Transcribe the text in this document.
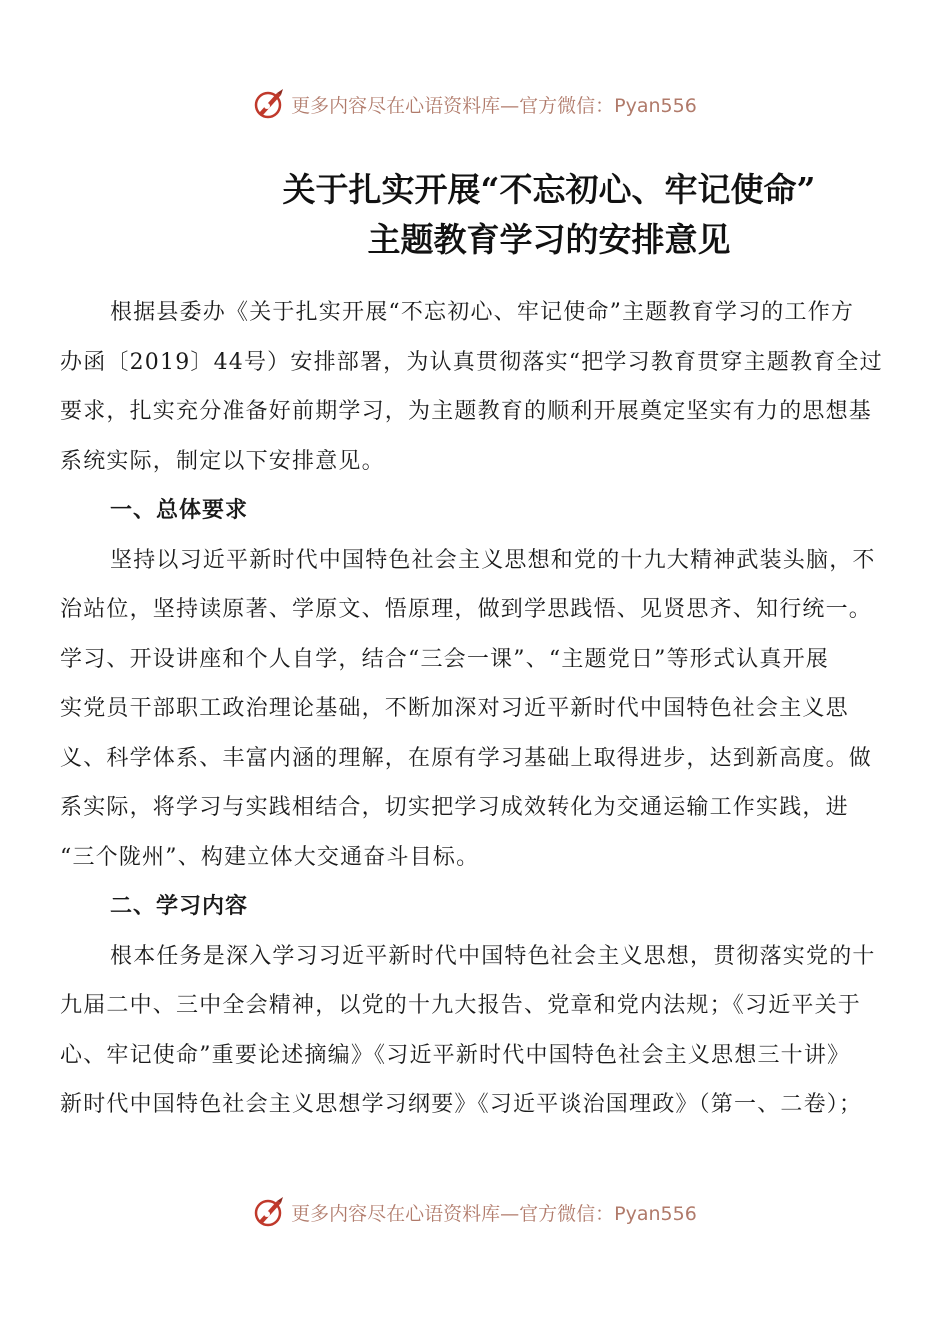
更多内容尽在心语资料库—官方微信：Pyan556
关于扎实开展“不忘初心、牢记使命”
主题教育学习的安排意见
根据县委办《关于扎实开展“不忘初心、牢记使命”主题教育学习的工作方
办函〔2019〕44号）安排部署，为认真贯彻落实“把学习教育贯穿主题教育全过
要求，扎实充分准备好前期学习，为主题教育的顺利开展奠定坚实有力的思想基
系统实际，制定以下安排意见。
一、总体要求
坚持以习近平新时代中国特色社会主义思想和党的十九大精神武装头脑，不
治站位，坚持读原著、学原文、悟原理，做到学思践悟、见贤思齐、知行统一。
学习、开设讲座和个人自学，结合“三会一课”、“主题党日”等形式认真开展
实党员干部职工政治理论基础，不断加深对习近平新时代中国特色社会主义思
义、科学体系、丰富内涵的理解，在原有学习基础上取得进步，达到新高度。做
系实际，将学习与实践相结合，切实把学习成效转化为交通运输工作实践，进
“三个陇州”、构建立体大交通奋斗目标。
二、学习内容
根本任务是深入学习习近平新时代中国特色社会主义思想，贯彻落实党的十
九届二中、三中全会精神，以党的十九大报告、党章和党内法规；《习近平关于
心、牢记使命”重要论述摘编》《习近平新时代中国特色社会主义思想三十讲》
新时代中国特色社会主义思想学习纲要》《习近平谈治国理政》（第一、二卷）；
更多内容尽在心语资料库—官方微信：Pyan556
